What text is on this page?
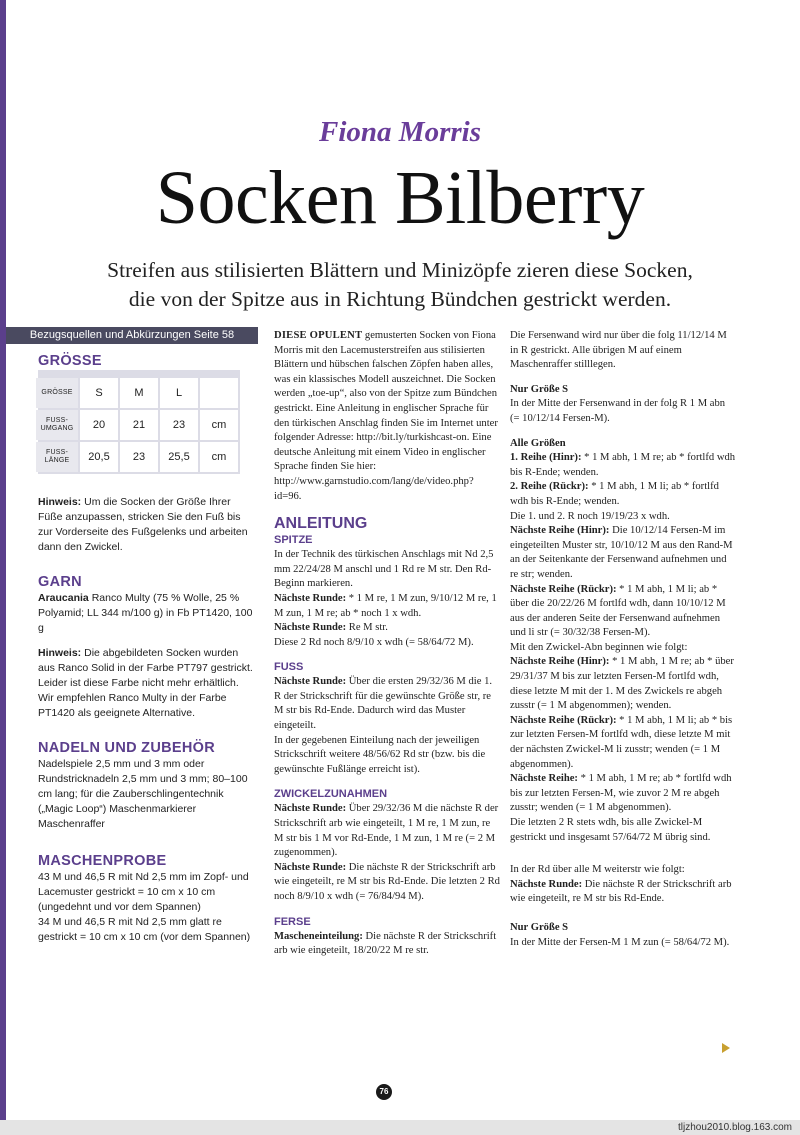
tljzhou2010.blog.163.com
Fiona Morris
Socken Bilberry
Streifen aus stilisierten Blättern und Minizöpfe zieren diese Socken,
die von der Spitze aus in Richtung Bündchen gestrickt werden.
Bezugsquellen und Abkürzungen Seite 58
GRÖSSE
GRÖSSE	S	M	L	
FUSS-UMGANG	20	21	23	cm
FUSS-LÄNGE	20,5	23	25,5	cm

Hinweis: Um die Socken der Größe Ihrer Füße anzupassen, stricken Sie den Fuß bis zur Vorderseite des Fußgelenks und arbeiten dann den Zwickel.

GARN

Araucania Ranco Multy (75 % Wolle, 25 % Polyamid; LL 344 m/100 g) in Fb PT1420, 100 g

Hinweis: Die abgebildeten Socken wurden aus Ranco Solid in der Farbe PT797 gestrickt. Leider ist diese Farbe nicht mehr erhältlich. Wir empfehlen Ranco Multy in der Farbe PT1420 als geeignete Alternative.

NADELN UND ZUBEHÖR

Nadelspiele 2,5 mm und 3 mm oder Rundstricknadeln 2,5 mm und 3 mm; 80–100 cm lang; für die Zauberschlingentechnik („Magic Loop“) Maschenmarkierer Maschenraffer

MASCHENPROBE

43 M und 46,5 R mit Nd 2,5 mm im Zopf- und Lacemuster gestrickt = 10 cm x 10 cm (ungedehnt und vor dem Spannen)

34 M und 46,5 R mit Nd 2,5 mm glatt re gestrickt = 10 cm x 10 cm (vor dem Spannen)

DIESE OPULENT gemusterten Socken von Fiona Morris mit den Lacemusterstreifen aus stilisierten Blättern und hübschen falschen Zöpfen haben alles, was ein klassisches Modell auszeichnet. Die Socken werden „toe-up“, also von der Spitze zum Bündchen gestrickt. Eine Anleitung in englischer Sprache für den türkischen Anschlag finden Sie im Internet unter folgender Adresse: http://bit.ly/turkishcast-on. Eine deutsche Anleitung mit einem Video in englischer Sprache finden Sie hier: http://www.garnstudio.com/lang/de/video.php?id=96.

ANLEITUNG
SPITZE

In der Technik des türkischen Anschlags mit Nd 2,5 mm 22/24/28 M anschl und 1 Rd re M str. Den Rd-Beginn markieren.

Nächste Runde: * 1 M re, 1 M zun, 9/10/12 M re, 1 M zun, 1 M re; ab * noch 1 x wdh.

Nächste Runde: Re M str.

Diese 2 Rd noch 8/9/10 x wdh (= 58/64/72 M).

FUSS

Nächste Runde: Über die ersten 29/32/36 M die 1. R der Strickschrift für die gewünschte Größe str, re M str bis Rd-Ende. Dadurch wird das Muster eingeteilt.

In der gegebenen Einteilung nach der jeweiligen Strickschrift weitere 48/56/62 Rd str (bzw. bis die gewünschte Fußlänge erreicht ist).

ZWICKELZUNAHMEN

Nächste Runde: Über 29/32/36 M die nächste R der Strickschrift arb wie eingeteilt, 1 M re, 1 M zun, re M str bis 1 M vor Rd-Ende, 1 M zun, 1 M re (= 2 M zugenommen).

Nächste Runde: Die nächste R der Strickschrift arb wie eingeteilt, re M str bis Rd-Ende. Die letzten 2 Rd noch 8/9/10 x wdh (= 76/84/94 M).

FERSE

Mascheneinteilung: Die nächste R der Strickschrift arb wie eingeteilt, 18/20/22 M re str.

Die Fersenwand wird nur über die folg 11/12/14 M in R gestrickt. Alle übrigen M auf einem Maschenraffer stilllegen.

Nur Größe S

In der Mitte der Fersenwand in der folg R 1 M abn (= 10/12/14 Fersen-M).

Alle Größen

1. Reihe (Hinr): * 1 M abh, 1 M re; ab * fortlfd wdh bis R-Ende; wenden.

2. Reihe (Rückr): * 1 M abh, 1 M li; ab * fortlfd wdh bis R-Ende; wenden.

Die 1. und 2. R noch 19/19/23 x wdh.

Nächste Reihe (Hinr): Die 10/12/14 Fersen-M im eingeteilten Muster str, 10/10/12 M aus den Rand-M an der Seitenkante der Fersenwand aufnehmen und re str; wenden.

Nächste Reihe (Rückr): * 1 M abh, 1 M li; ab * über die 20/22/26 M fortlfd wdh, dann 10/10/12 M aus der anderen Seite der Fersenwand aufnehmen und li str (= 30/32/38 Fersen-M).

Mit den Zwickel-Abn beginnen wie folgt:

Nächste Reihe (Hinr): * 1 M abh, 1 M re; ab * über 29/31/37 M bis zur letzten Fersen-M fortlfd wdh, diese letzte M mit der 1. M des Zwickels re abgeh zusstr (= 1 M abgenommen); wenden.

Nächste Reihe (Rückr): * 1 M abh, 1 M li; ab * bis zur letzten Fersen-M fortlfd wdh, diese letzte M mit der nächsten Zwickel-M li zusstr; wenden (= 1 M abgenommen).

Nächste Reihe: * 1 M abh, 1 M re; ab * fortlfd wdh bis zur letzten Fersen-M, wie zuvor 2 M re abgeh zusstr; wenden (= 1 M abgenommen).

Die letzten 2 R stets wdh, bis alle Zwickel-M gestrickt und insgesamt 57/64/72 M übrig sind.

In der Rd über alle M weiterstr wie folgt:

Nächste Runde: Die nächste R der Strickschrift arb wie eingeteilt, re M str bis Rd-Ende.

Nur Größe S

In der Mitte der Fersen-M 1 M zun (= 58/64/72 M).

76
